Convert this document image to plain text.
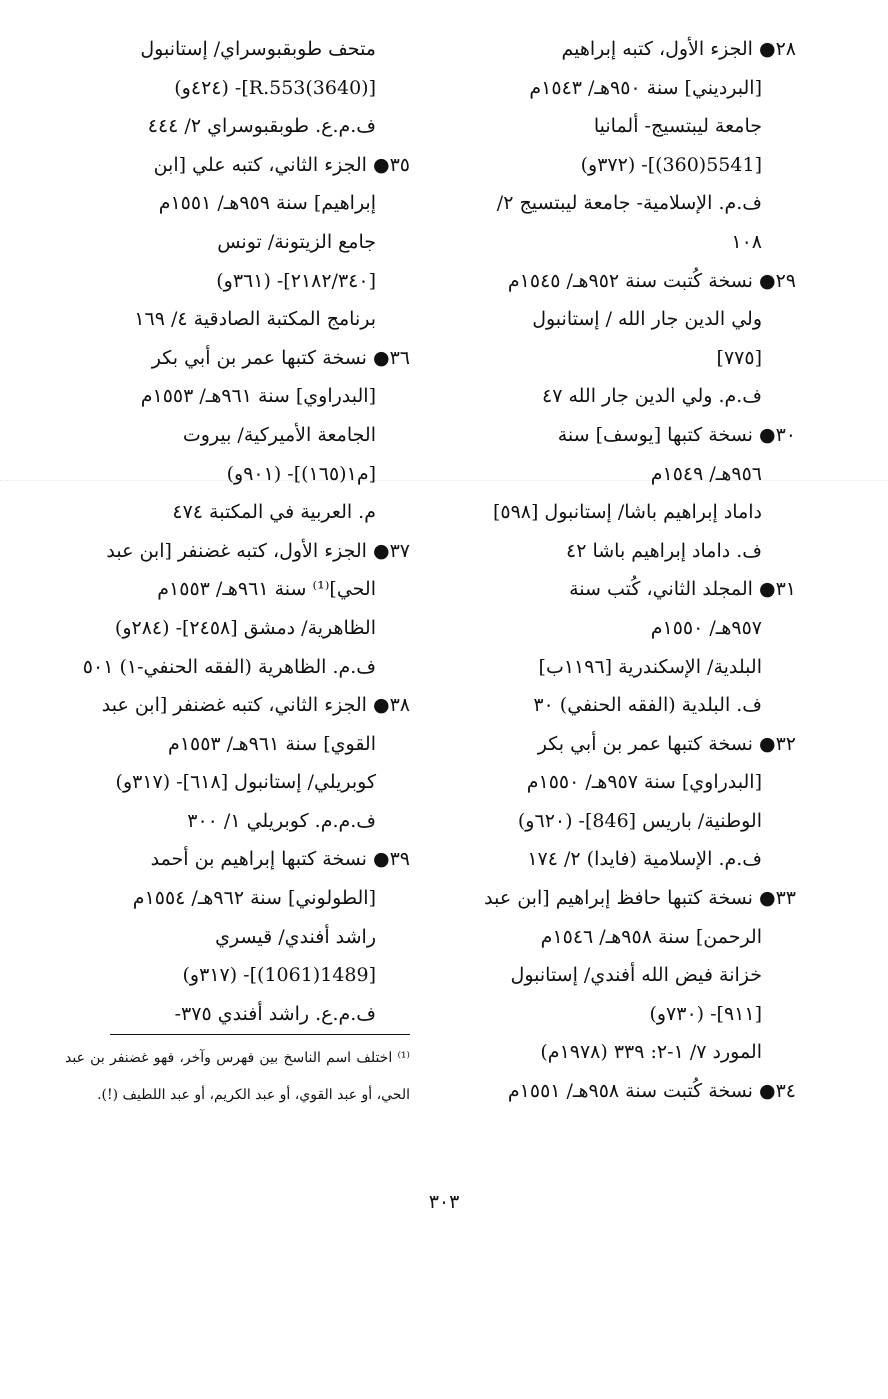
٢٨● الجزء الأول، كتبه إبراهيم
[البرديني] سنة ٩٥٠هـ/ ١٥٤٣م
جامعة ليبتسيج- ألمانيا
[5541(360)]- (٣٧٢و)
ف.م. الإسلامية- جامعة ليبتسيج ٢/
١٠٨
٢٩● نسخة كُتبت سنة ٩٥٢هـ/ ١٥٤٥م
ولي الدين جار الله / إستانبول
[٧٧٥]
ف.م. ولي الدين جار الله ٤٧
٣٠● نسخة كتبها [يوسف] سنة
٩٥٦هـ/ ١٥٤٩م
داماد إبراهيم باشا/ إستانبول [٥٩٨]
ف. داماد إبراهيم باشا ٤٢
٣١● المجلد الثاني، كُتب سنة
٩٥٧هـ/ ١٥٥٠م
البلدية/ الإسكندرية [١١٩٦ب]
ف. البلدية (الفقه الحنفي) ٣٠
٣٢● نسخة كتبها عمر بن أبي بكر
[البدراوي] سنة ٩٥٧هـ/ ١٥٥٠م
الوطنية/ باريس [846]- (٦٢٠و)
ف.م. الإسلامية (فايدا) ٢/ ١٧٤
٣٣● نسخة كتبها حافظ إبراهيم [ابن عبد
الرحمن] سنة ٩٥٨هـ/ ١٥٤٦م
خزانة فيض الله أفندي/ إستانبول
[٩١١]- (٧٣٠و)
المورد ٧/ ١-٢: ٣٣٩ (١٩٧٨م)
٣٤● نسخة كُتبت سنة ٩٥٨هـ/ ١٥٥١م
متحف طوبقبوسراي/ إستانبول
[R.553(3640)]- (٤٢٤و)
ف.م.ع. طوبقبوسراي ٢/ ٤٤٤
٣٥● الجزء الثاني، كتبه علي [ابن
إبراهيم] سنة ٩٥٩هـ/ ١٥٥١م
جامع الزيتونة/ تونس
[٢١٨٢/٣٤٠]- (٣٦١و)
برنامج المكتبة الصادقية ٤/ ١٦٩
٣٦● نسخة كتبها عمر بن أبي بكر
[البدراوي] سنة ٩٦١هـ/ ١٥٥٣م
الجامعة الأميركية/ بيروت
[م١(١٦٥)]- (٩٠١و)
م. العربية في المكتبة ٤٧٤
٣٧● الجزء الأول، كتبه غضنفر [ابن عبد
الحي]⁽¹⁾ سنة ٩٦١هـ/ ١٥٥٣م
الظاهرية/ دمشق [٢٤٥٨]- (٢٨٤و)
ف.م. الظاهرية (الفقه الحنفي-١) ٥٠١
٣٨● الجزء الثاني، كتبه غضنفر [ابن عبد
القوي] سنة ٩٦١هـ/ ١٥٥٣م
كوبريلي/ إستانبول [٦١٨]- (٣١٧و)
ف.م.م. كوبريلي ١/ ٣٠٠
٣٩● نسخة كتبها إبراهيم بن أحمد
[الطولوني] سنة ٩٦٢هـ/ ١٥٥٤م
راشد أفندي/ قيسري
[1489(1061)]- (٣١٧و)
ف.م.ع. راشد أفندي ٣٧٥-
⁽¹⁾ اختلف اسم الناسخ بين فهرس وآخر، فهو غضنفر بن عبد الحي، أو عبد القوي، أو عبد الكريم، أو عبد اللطيف (!).
٣٠٣
